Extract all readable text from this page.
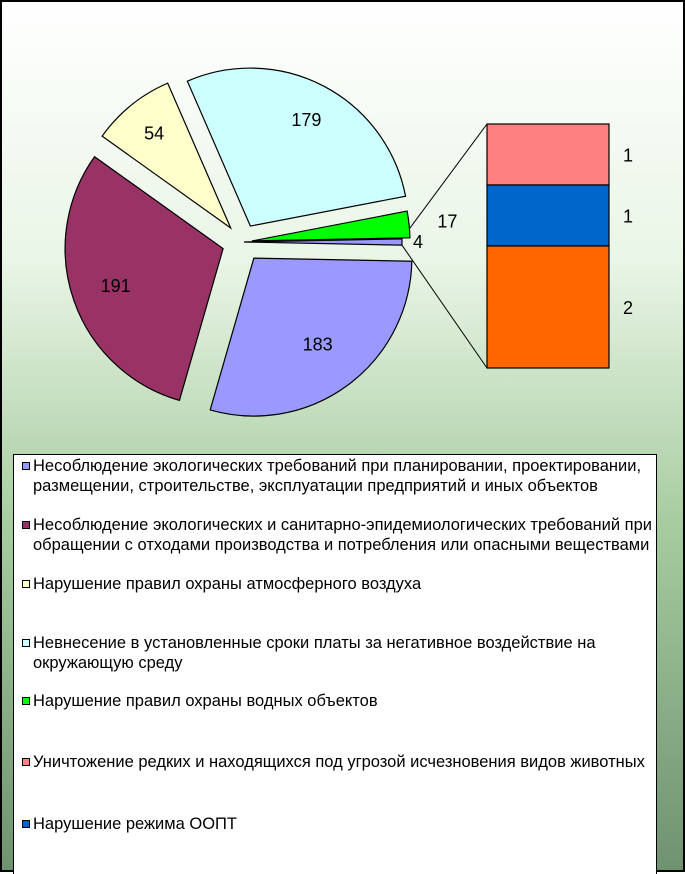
183
191
54
179
17
4
1
1
2
Несоблюдение экологических требований при планировании, проектировании, размещении, строительстве, эксплуатации предприятий и иных объектов
Несоблюдение экологических и санитарно-эпидемиологических требований при обращении с отходами производства и потребления или опасными веществами
Нарушение правил охраны атмосферного воздуха
Невнесение в установленные сроки платы за негативное воздействие на окружающую среду
Нарушение правил охраны водных объектов
Уничтожение редких и находящихся под угрозой исчезновения видов животных
Нарушение режима ООПТ
